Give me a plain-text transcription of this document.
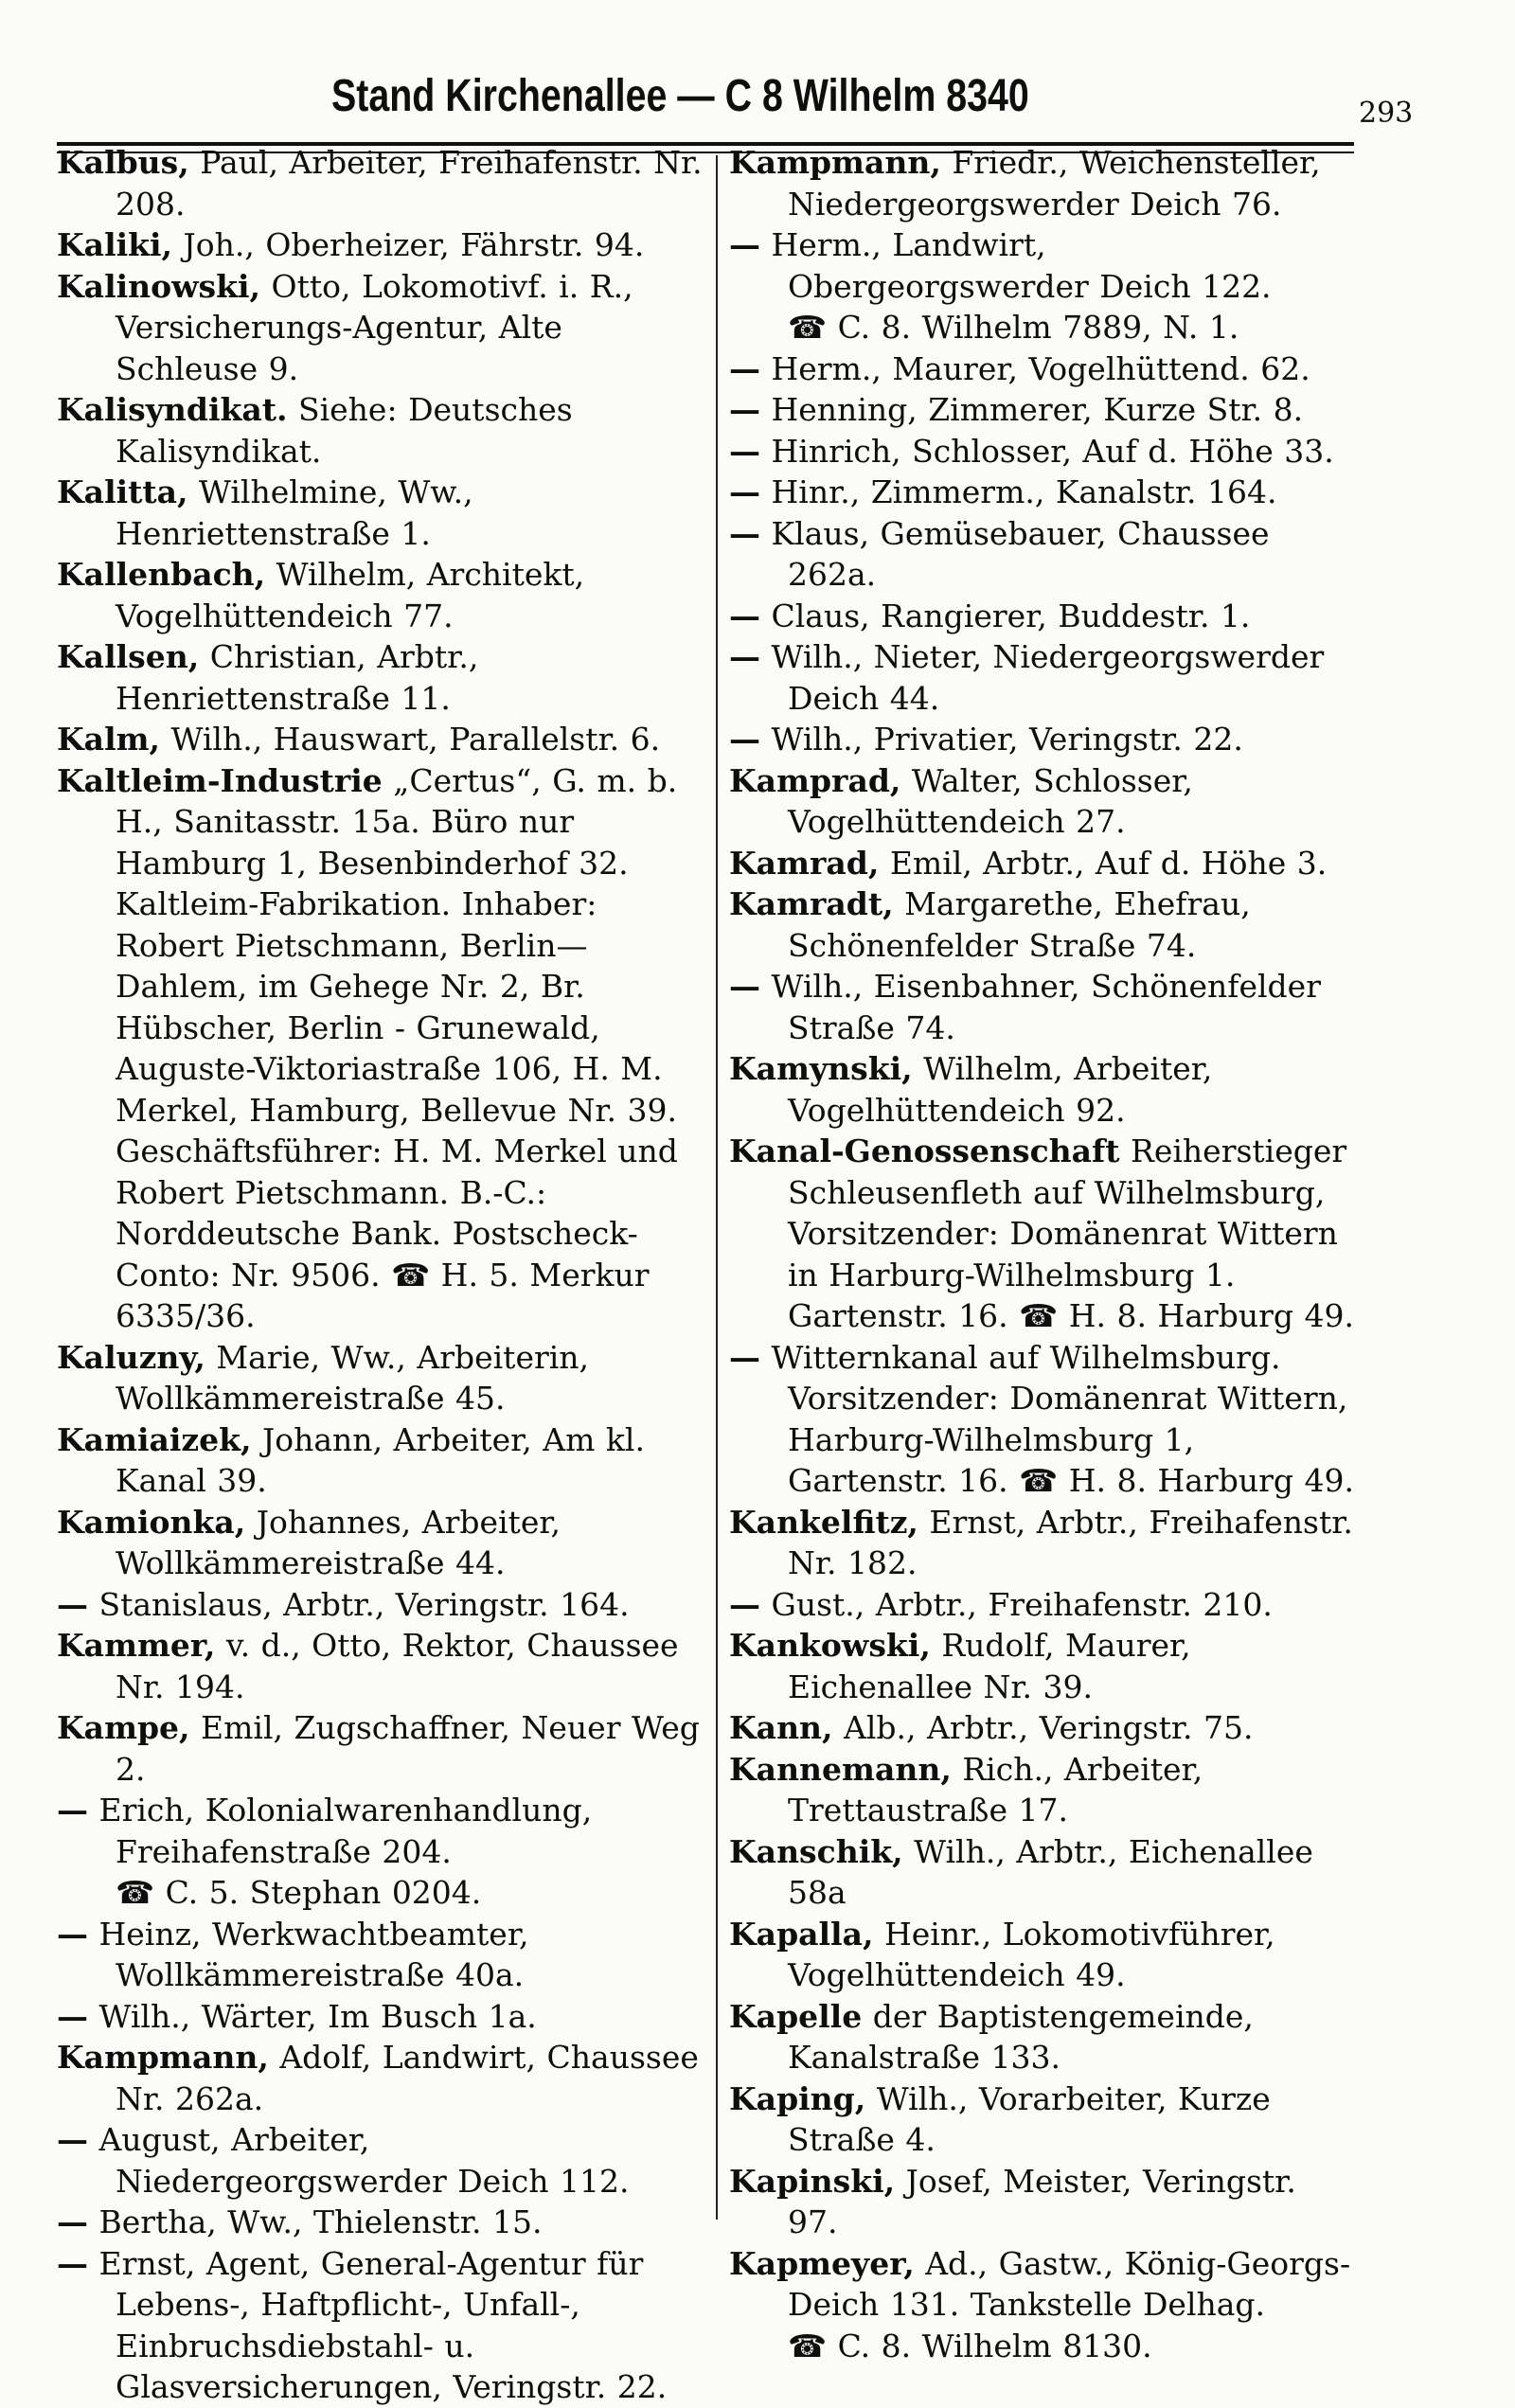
Stand Kirchenallee — C 8 Wilhelm 8340	293

Kalbus, Paul, Arbeiter, Freihafenstr. Nr. 208.

Kaliki, Joh., Oberheizer, Fährstr. 94.

Kalinowski, Otto, Lokomotivf. i. R., Versicherungs-Agentur, Alte Schleuse 9.

Kalisyndikat. Siehe: Deutsches Kalisyndikat.

Kalitta, Wilhelmine, Ww., Henriettenstraße 1.

Kallenbach, Wilhelm, Architekt, Vogelhüttendeich 77.

Kallsen, Christian, Arbtr., Henriettenstraße 11.

Kalm, Wilh., Hauswart, Parallelstr. 6.

Kaltleim-Industrie „Certus“, G. m. b. H., Sanitasstr. 15a. Büro nur Hamburg 1, Besenbinderhof 32. Kaltleim-Fabrikation. Inhaber: Robert Pietschmann, Berlin—Dahlem, im Gehege Nr. 2, Br. Hübscher, Berlin - Grunewald, Auguste-Viktoriastraße 106, H. M. Merkel, Hamburg, Bellevue Nr. 39. Geschäftsführer: H. M. Merkel und Robert Pietschmann. B.-C.: Norddeutsche Bank. Postscheck-Conto: Nr. 9506. ☎ H. 5. Merkur 6335/36.

Kaluzny, Marie, Ww., Arbeiterin, Wollkämmereistraße 45.

Kamiaizek, Johann, Arbeiter, Am kl. Kanal 39.

Kamionka, Johannes, Arbeiter, Wollkämmereistraße 44.

— Stanislaus, Arbtr., Veringstr. 164.

Kammer, v. d., Otto, Rektor, Chaussee Nr. 194.

Kampe, Emil, Zugschaffner, Neuer Weg 2.

— Erich, Kolonialwarenhandlung, Freihafenstraße 204.

☎ C. 5. Stephan 0204.

— Heinz, Werkwachtbeamter, Wollkämmereistraße 40a.

— Wilh., Wärter, Im Busch 1a.

Kampmann, Adolf, Landwirt, Chaussee Nr. 262a.

— August, Arbeiter, Niedergeorgswerder Deich 112.

— Bertha, Ww., Thielenstr. 15.

— Ernst, Agent, General-Agentur für Lebens-, Haftpflicht-, Unfall-, Einbruchsdiebstahl- u. Glasversicherungen, Veringstr. 22.

Kampmann, Friedr., Weichensteller, Niedergeorgswerder Deich 76.

— Herm., Landwirt, Obergeorgswerder Deich 122.

☎ C. 8. Wilhelm 7889, N. 1.

— Herm., Maurer, Vogelhüttend. 62.

— Henning, Zimmerer, Kurze Str. 8.

— Hinrich, Schlosser, Auf d. Höhe 33.

— Hinr., Zimmerm., Kanalstr. 164.

— Klaus, Gemüsebauer, Chaussee 262a.

— Claus, Rangierer, Buddestr. 1.

— Wilh., Nieter, Niedergeorgswerder Deich 44.

— Wilh., Privatier, Veringstr. 22.

Kamprad, Walter, Schlosser, Vogelhüttendeich 27.

Kamrad, Emil, Arbtr., Auf d. Höhe 3.

Kamradt, Margarethe, Ehefrau, Schönenfelder Straße 74.

— Wilh., Eisenbahner, Schönenfelder Straße 74.

Kamynski, Wilhelm, Arbeiter, Vogelhüttendeich 92.

Kanal-Genossenschaft Reiherstieger Schleusenfleth auf Wilhelmsburg, Vorsitzender: Domänenrat Wittern in Harburg-Wilhelmsburg 1. Gartenstr. 16. ☎ H. 8. Harburg 49.

— Witternkanal auf Wilhelmsburg. Vorsitzender: Domänenrat Wittern, Harburg-Wilhelmsburg 1, Gartenstr. 16. ☎ H. 8. Harburg 49.

Kankelfitz, Ernst, Arbtr., Freihafenstr. Nr. 182.

— Gust., Arbtr., Freihafenstr. 210.

Kankowski, Rudolf, Maurer, Eichenallee Nr. 39.

Kann, Alb., Arbtr., Veringstr. 75.

Kannemann, Rich., Arbeiter, Trettaustraße 17.

Kanschik, Wilh., Arbtr., Eichenallee 58a

Kapalla, Heinr., Lokomotivführer, Vogelhüttendeich 49.

Kapelle der Baptistengemeinde, Kanalstraße 133.

Kaping, Wilh., Vorarbeiter, Kurze Straße 4.

Kapinski, Josef, Meister, Veringstr. 97.

Kapmeyer, Ad., Gastw., König-Georgs-Deich 131. Tankstelle Delhag.

☎ C. 8. Wilhelm 8130.
